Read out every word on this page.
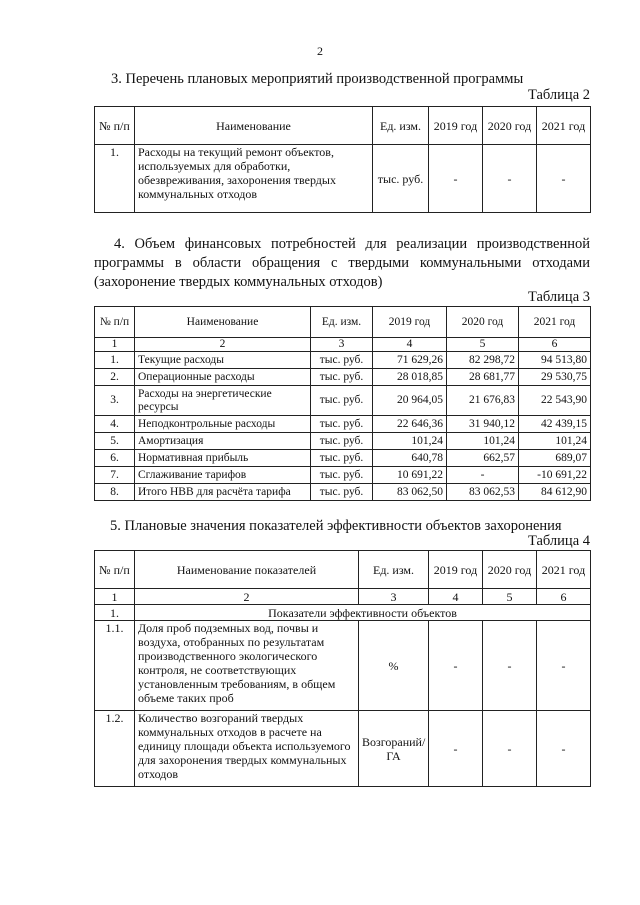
2
3. Перечень плановых мероприятий производственной программы
Таблица 2
№ п/п	Наименование	Ед. изм.	2019 год	2020 год	2021 год
1.	Расходы на текущий ремонт объектов, используемых для обработки, обезвреживания, захоронения твердых коммунальных отходов	тыс. руб.	-	-	-
4. Объем финансовых потребностей для реализации производственной программы в области обращения с твердыми коммунальными отходами (захоронение твердых коммунальных отходов)
Таблица 3
№ п/п	Наименование	Ед. изм.	2019 год	2020 год	2021 год
1	2	3	4	5	6
1.	Текущие расходы	тыс. руб.	71 629,26	82 298,72	94 513,80
2.	Операционные расходы	тыс. руб.	28 018,85	28 681,77	29 530,75
3.	Расходы на энергетические ресурсы	тыс. руб.	20 964,05	21 676,83	22 543,90
4.	Неподконтрольные расходы	тыс. руб.	22 646,36	31 940,12	42 439,15
5.	Амортизация	тыс. руб.	101,24	101,24	101,24
6.	Нормативная прибыль	тыс. руб.	640,78	662,57	689,07
7.	Сглаживание тарифов	тыс. руб.	10 691,22	-	-10 691,22
8.	Итого НВВ для расчёта тарифа	тыс. руб.	83 062,50	83 062,53	84 612,90
5. Плановые значения показателей эффективности объектов захоронения
Таблица 4
№ п/п	Наименование показателей	Ед. изм.	2019 год	2020 год	2021 год
1	2	3	4	5	6
1.	Показатели эффективности объектов				
1.1.	Доля проб подземных вод, почвы и воздуха, отобранных по результатам производственного экологического контроля, не соответствующих установленным требованиям, в общем объеме таких проб	%	-	-	-
1.2.	Количество возгораний твердых коммунальных отходов в расчете на единицу площади объекта используемого для захоронения твердых коммунальных отходов	Возгораний/ ГА	-	-	-
